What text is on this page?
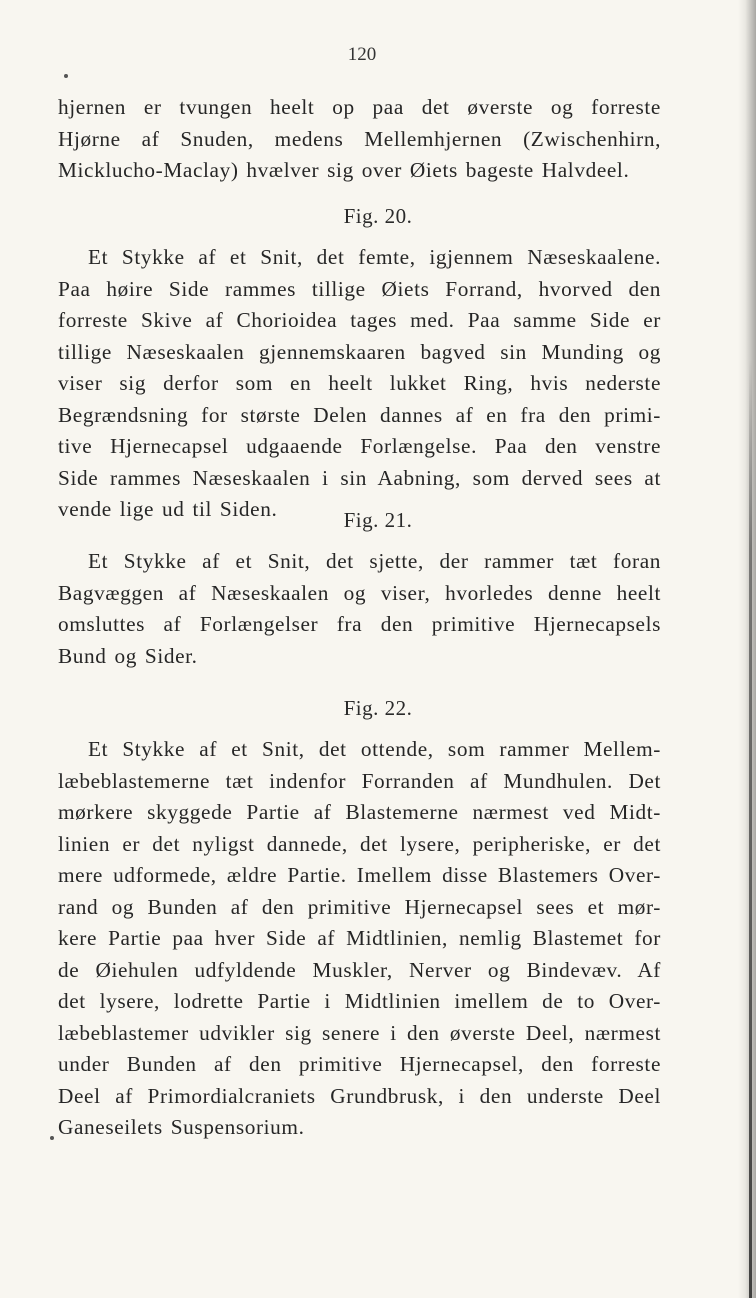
120
hjernen er tvungen heelt op paa det øverste og forreste
Hjørne af Snuden, medens Mellemhjernen (Zwischenhirn,
Micklucho-Maclay) hvælver sig over Øiets bageste Halvdeel.
Fig. 20.
Et Stykke af et Snit, det femte, igjennem Næseskaalene.
Paa høire Side rammes tillige Øiets Forrand, hvorved den
forreste Skive af Chorioidea tages med. Paa samme Side er
tillige Næseskaalen gjennemskaaren bagved sin Munding og
viser sig derfor som en heelt lukket Ring, hvis nederste
Begrændsning for største Delen dannes af en fra den primi-
tive Hjernecapsel udgaaende Forlængelse. Paa den venstre
Side rammes Næseskaalen i sin Aabning, som derved sees at
vende lige ud til Siden.	Fig. 21.
Et Stykke af et Snit, det sjette, der rammer tæt foran
Bagvæggen af Næseskaalen og viser, hvorledes denne heelt
omsluttes af Forlængelser fra den primitive Hjernecapsels
Bund og Sider.
Fig. 22.
Et Stykke af et Snit, det ottende, som rammer Mellem-
læbeblastemerne tæt indenfor Forranden af Mundhulen. Det
mørkere skyggede Partie af Blastemerne nærmest ved Midt-
linien er det nyligst dannede, det lysere, peripheriske, er det
mere udformede, ældre Partie. Imellem disse Blastemers Over-
rand og Bunden af den primitive Hjernecapsel sees et mør-
kere Partie paa hver Side af Midtlinien, nemlig Blastemet for
de Øiehulen udfyldende Muskler, Nerver og Bindevæv. Af
det lysere, lodrette Partie i Midtlinien imellem de to Over-
læbeblastemer udvikler sig senere i den øverste Deel, nærmest
under Bunden af den primitive Hjernecapsel, den forreste
Deel af Primordialcraniets Grundbrusk, i den underste Deel
Ganeseilets Suspensorium.
